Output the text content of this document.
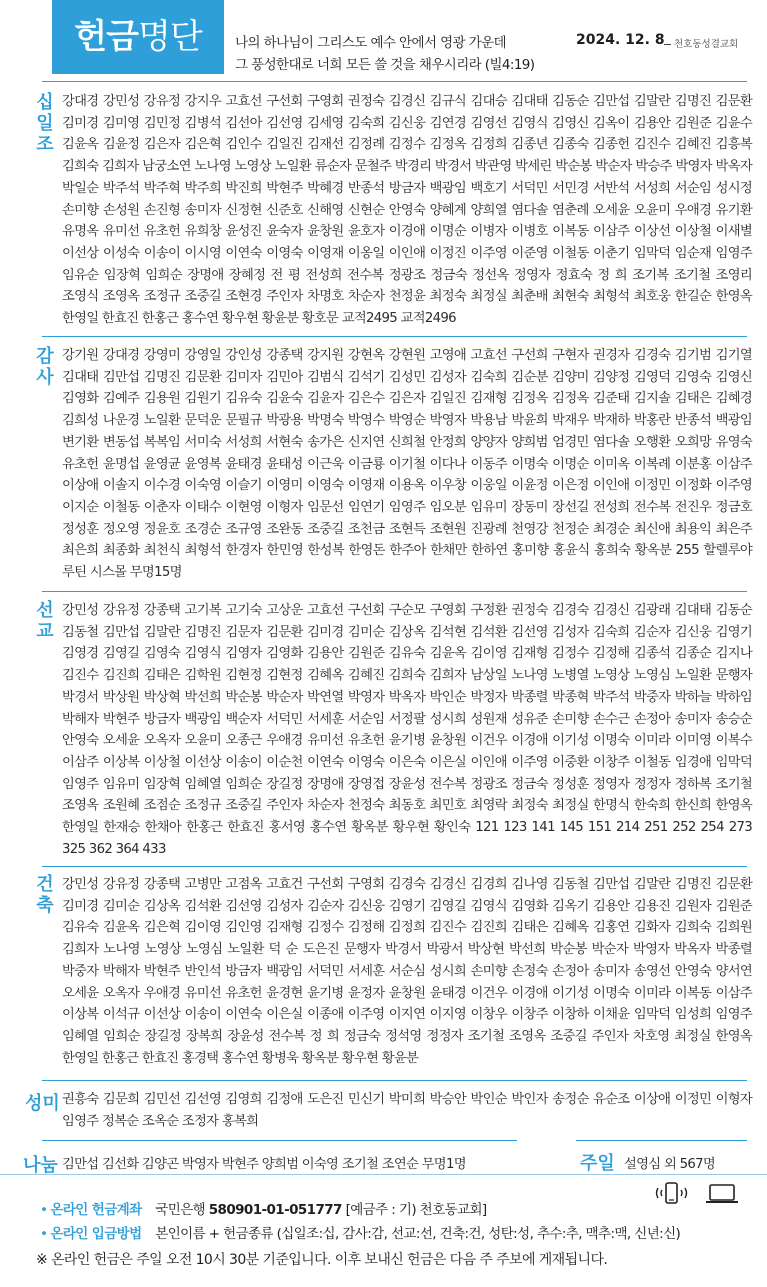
헌금명단	나의 하나님이 그리스도 예수 안에서 영광 가운데
그 풍성한대로 너희 모든 쓸 것을 채우시리라 (빌4:19)
2024. 12. 8 천호동성결교회
십일조
강대경 강민성 강유정 강지우 고효선 구선회 구영회 권정숙 김경신 김규식 김대승 김대태 김동순 김만섭 김말란 김명진 김문환 김미경 김미영 김민정 김병석 김선아 김선영 김세영 김숙희 김신웅 김연경 김영선 김영식 김영신 김옥이 김용안 김원준 김윤수 김윤옥 김윤정 김은자 김은혁 김인수 김일진 김재선 김정례 김정수 김정옥 김정희 김종년 김종숙 김종헌 김진수 김혜진 김흥복 김희숙 김희자 남궁소연 노나영 노영상 노일환 류순자 문철주 박경리 박경서 박관영 박세린 박순봉 박순자 박승주 박영자 박옥자 박일순 박주석 박주혁 박주희 박진희 박현주 박혜경 반종석 방금자 백광임 백호기 서덕민 서민경 서반석 서성희 서순임 성시정 손미향 손성원 손진형 송미자 신정현 신준호 신해영 신현순 안영숙 양혜계 양희열 염다솔 염춘례 오세윤 오윤미 우애경 유기환 유명옥 유미선 유초헌 유희창 윤성진 윤숙자 윤창원 윤호자 이경애 이명순 이병자 이병호 이복동 이삼주 이상선 이상철 이새별 이선상 이성숙 이송이 이시영 이연숙 이영숙 이영재 이옹일 이인애 이정진 이주영 이준영 이철동 이춘기 임막덕 임순재 임영주 임유순 임장혁 임희순 장명애 장혜정 전 평 전성희 전수복 정광조 정금숙 정선옥 정영자 정효숙 정 희 조기복 조기철 조영리 조영식 조영옥 조정규 조중길 조현경 주인자 차명호 차순자 천정윤 최정숙 최정실 최춘배 최현숙 최형석 최호웅 한길순 한영옥 한영일 한효진 한홍근 홍수연 황우현 황윤분 황호문 교적2495 교적2496
감사
강기원 강대경 강영미 강영일 강인성 강종택 강지원 강현옥 강현원 고영애 고효선 구선희 구현자 권경자 김경숙 김기범 김기열 김대태 김만섭 김명진 김문환 김미자 김민아 김범식 김석기 김성민 김성자 김숙희 김순분 김양미 김양정 김영덕 김영숙 김영신 김영화 김예주 김용원 김원기 김유숙 김윤숙 김윤자 김은수 김은자 김일진 김재형 김정옥 김정옥 김준태 김지솔 김태은 김혜경 김희성 나운경 노일환 문덕운 문필규 박광용 박명숙 박영수 박영순 박영자 박용남 박윤희 박재우 박재하 박홍란 반종석 백광임 변기환 변동섭 복복임 서미숙 서성희 서현숙 송가은 신지연 신희철 안정희 양양자 양희범 엄경민 염다솔 오행환 오희망 유영숙 유초헌 윤명섭 윤영균 윤영복 윤태경 윤태성 이근욱 이금룡 이기철 이다나 이동주 이명숙 이명순 이미옥 이복례 이분홍 이삼주 이상애 이솔지 이수경 이숙영 이슬기 이영미 이영숙 이영재 이용옥 이우창 이웅일 이윤정 이은정 이인애 이정민 이정화 이주영 이지순 이철동 이춘자 이태수 이현영 이형자 임문선 임연기 임영주 임오분 임유미 장동미 장선길 전성희 전수복 전진우 정금호 정성훈 정오영 정윤호 조경순 조규영 조완동 조중길 조천금 조현득 조현원 진광례 천영강 천정순 최경순 최신애 최용익 최은주 최은희 최종화 최천식 최형석 한경자 한민영 한성복 한영돈 한주아 한채만 한하연 홍미향 홍윤식 홍희숙 황옥분 255 할렐루야 루틴 시스몰 무명15명
선교
강민성 강유정 강종택 고기복 고기숙 고상운 고효선 구선회 구순모 구영회 구정환 권정숙 김경숙 김경신 김광래 김대태 김동순 김동철 김만섭 김말란 김명진 김문자 김문환 김미경 김미순 김상옥 김석현 김석환 김선영 김성자 김숙희 김순자 김신웅 김영기 김영경 김영길 김영숙 김영식 김영자 김영화 김용안 김원준 김유숙 김윤옥 김이영 김재형 김정수 김정해 김종석 김종순 김지나 김진수 김진희 김태은 김학원 김현정 김현정 김혜옥 김혜진 김희숙 김희자 남상일 노나영 노병열 노영상 노영심 노일환 문행자 박경서 박상원 박상혁 박선희 박순봉 박순자 박연열 박영자 박옥자 박인순 박정자 박종렬 박종혁 박주석 박중자 박하늘 박하임 박해자 박현주 방금자 백광임 백순자 서덕민 서세훈 서순임 서정팔 성시희 성원재 성유준 손미향 손수근 손정아 송미자 송승순 안영숙 오세윤 오옥자 오윤미 오종근 우애경 유미선 유초헌 윤기병 윤창원 이건우 이경애 이기성 이명숙 이미라 이미영 이복수 이삼주 이상복 이상철 이선상 이송이 이순천 이연숙 이영숙 이은숙 이은실 이인애 이주영 이중환 이창주 이철동 임경애 임막덕 임영주 임유미 임장혁 임혜열 임희순 장길정 장명애 장영접 장윤성 전수복 정광조 정금숙 정성훈 정영자 정정자 정하복 조기철 조영옥 조원혜 조점순 조정규 조중길 주인자 차순자 천정숙 최동호 최민호 최영락 최정숙 최정실 한명식 한숙희 한신희 한영옥 한영일 한재승 한채아 한홍근 한효진 홍서영 홍수연 황옥분 황우현 황인숙 121 123 141 145 151 214 251 252 254 273 325 362 364 433
건축
강민성 강유정 강종택 고병만 고점옥 고효건 구선회 구영회 김경숙 김경신 김경희 김나영 김동철 김만섭 김말란 김명진 김문환 김미경 김미순 김상옥 김석환 김선영 김성자 김순자 김신웅 김영기 김영길 김영식 김영화 김옥기 김용안 김용진 김원자 김원준 김유숙 김윤옥 김은혁 김이영 김인영 김재형 김정수 김정해 김정희 김진수 김진희 김태은 김혜옥 김홍연 김화자 김희숙 김희원 김희자 노나영 노영상 노영심 노일환 덕 순 도은진 문행자 박경서 박광서 박상현 박선희 박순봉 박순자 박영자 박옥자 박종렬 박중자 박해자 박현주 반인석 방금자 백광임 서덕민 서세훈 서순심 성시희 손미향 손정숙 손정아 송미자 송영선 안영숙 양서연 오세윤 오옥자 우애경 유미선 유초헌 윤경현 윤기병 윤정자 윤창원 윤태경 이건우 이경애 이기성 이명숙 이미라 이복동 이삼주 이상복 이석규 이선상 이송이 이연숙 이은실 이종애 이주영 이지연 이지영 이창우 이창주 이창하 이채윤 임막덕 임성희 임영주 임혜열 임희순 장길정 장복희 장윤성 전수복 정 희 정금숙 정석영 정정자 조기철 조영옥 조중길 주인자 차호영 최정실 한영옥 한영일 한홍근 한효진 홍경택 홍수연 황병욱 황옥분 황우현 황윤분
성미 권흥숙 김문희 김민선 김선영 김영희 김정애 도은진 민신기 박미희 박승안 박인순 박인자 송정순 유순조 이상애 이정민 이형자 임영주 정복순 조옥순 조정자 홍복희
나눔 김만섭 김선화 김양곤 박영자 박현주 양희범 이숙영 조기철 조연순 무명1명	주일 설영심 외 567명
• 온라인 헌금계좌 국민은행 580901-01-051777 [예금주 : 기) 천호동교회]
• 온라인 입금방법 본인이름 + 헌금종류 (십일조:십, 감사:감, 선교:선, 건축:건, 성탄:성, 추수:추, 맥추:맥, 신년:신)
※ 온라인 헌금은 주일 오전 10시 30분 기준입니다. 이후 보내신 헌금은 다음 주 주보에 게재됩니다.
